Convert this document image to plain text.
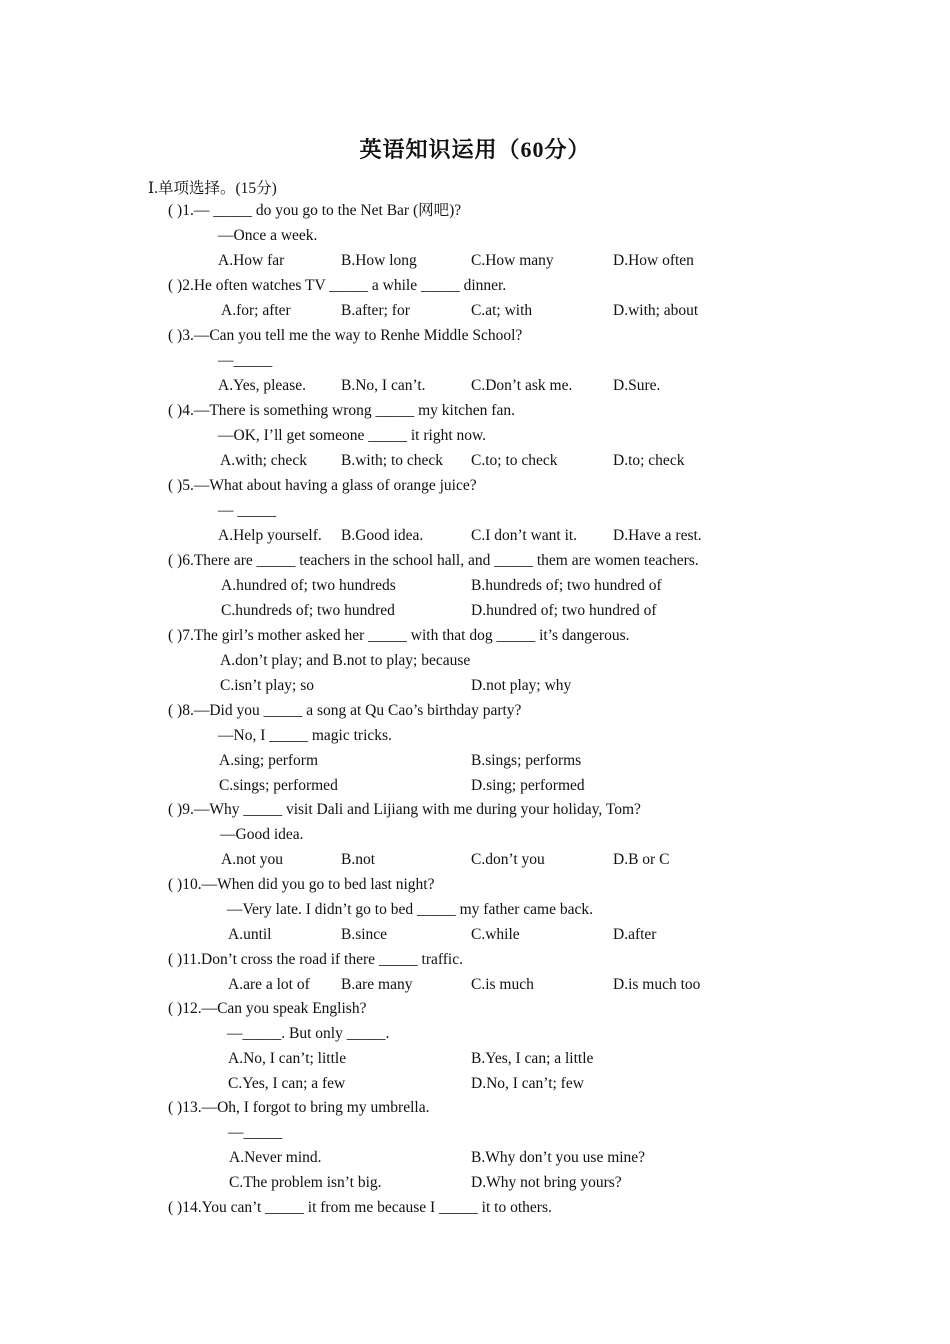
英语知识运用（60分）
Ⅰ.单项选择。(15分)
( )1.— _____ do you go to the Net Bar (网吧)?
—Once a week.
A.How far	B.How long	C.How many	D.How often
( )2.He often watches TV _____ a while _____ dinner.
A.for; after	B.after; for	C.at; with	D.with; about
( )3.—Can you tell me the way to Renhe Middle School?
—_____
A.Yes, please. B.No, I can’t.	C.Don’t ask me.	D.Sure.
( )4.—There is something wrong _____ my kitchen fan.
—OK, I’ll get someone _____ it right now.
A.with; check B.with; to check C.to; to check	D.to; check
( )5.—What about having a glass of orange juice?
— _____
A.Help yourself. B.Good idea.	C.I don’t want it. D.Have a rest.
( )6.There are _____ teachers in the school hall, and _____ them are women teachers.
A.hundred of; two hundreds	B.hundreds of; two hundred of
C.hundreds of; two hundred	D.hundred of; two hundred of
( )7.The girl’s mother asked her _____ with that dog _____ it’s dangerous.
A.don’t play; and B.not to play; because
C.isn’t play; so	D.not play; why
( )8.—Did you _____ a song at Qu Cao’s birthday party?
—No, I _____ magic tricks.
A.sing; perform	B.sings; performs
C.sings; performed	D.sing; performed
( )9.—Why _____ visit Dali and Lijiang with me during your holiday, Tom?
—Good idea.
A.not you	B.not	C.don’t you	D.B or C
( )10.—When did you go to bed last night?
—Very late. I didn’t go to bed _____ my father came back.
A.until	B.since	C.while	D.after
( )11.Don’t cross the road if there _____ traffic.
A.are a lot of B.are many	C.is much	D.is much too
( )12.—Can you speak English?
—_____. But only _____.
A.No, I can’t; little	B.Yes, I can; a little
C.Yes, I can; a few	D.No, I can’t; few
( )13.—Oh, I forgot to bring my umbrella.
—_____
A.Never mind.	B.Why don’t you use mine?
C.The problem isn’t big.	D.Why not bring yours?
( )14.You can’t _____ it from me because I _____ it to others.
